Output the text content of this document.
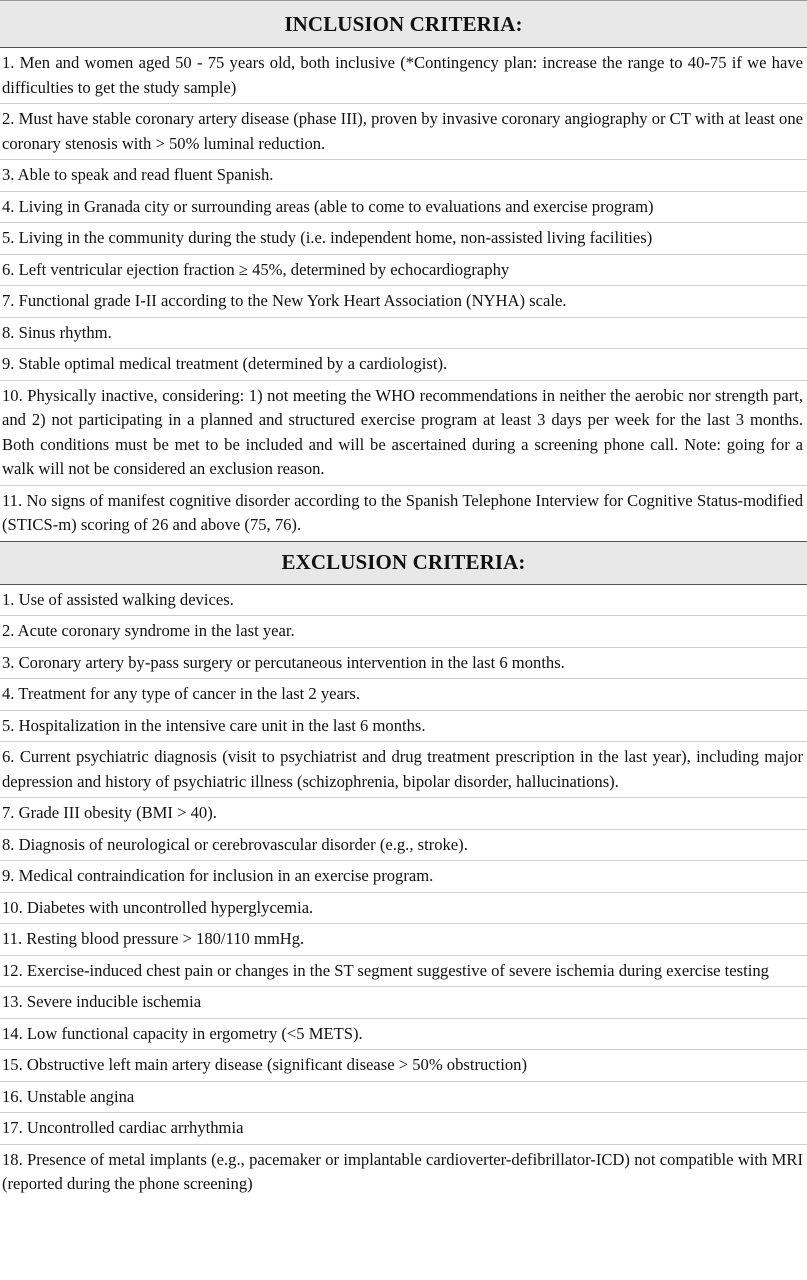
INCLUSION CRITERIA:
1. Men and women aged 50 - 75 years old, both inclusive (*Contingency plan: increase the range to 40-75 if we have difficulties to get the study sample)
2. Must have stable coronary artery disease (phase III), proven by invasive coronary angiography or CT with at least one coronary stenosis with > 50% luminal reduction.
3. Able to speak and read fluent Spanish.
4. Living in Granada city or surrounding areas (able to come to evaluations and exercise program)
5. Living in the community during the study (i.e. independent home, non-assisted living facilities)
6. Left ventricular ejection fraction ≥ 45%, determined by echocardiography
7. Functional grade I-II according to the New York Heart Association (NYHA) scale.
8. Sinus rhythm.
9. Stable optimal medical treatment (determined by a cardiologist).
10. Physically inactive, considering: 1) not meeting the WHO recommendations in neither the aerobic nor strength part, and 2) not participating in a planned and structured exercise program at least 3 days per week for the last 3 months. Both conditions must be met to be included and will be ascertained during a screening phone call. Note: going for a walk will not be considered an exclusion reason.
11. No signs of manifest cognitive disorder according to the Spanish Telephone Interview for Cognitive Status-modified (STICS-m) scoring of 26 and above (75, 76).
EXCLUSION CRITERIA:
1. Use of assisted walking devices.
2. Acute coronary syndrome in the last year.
3. Coronary artery by-pass surgery or percutaneous intervention in the last 6 months.
4. Treatment for any type of cancer in the last 2 years.
5. Hospitalization in the intensive care unit in the last 6 months.
6. Current psychiatric diagnosis (visit to psychiatrist and drug treatment prescription in the last year), including major depression and history of psychiatric illness (schizophrenia, bipolar disorder, hallucinations).
7. Grade III obesity (BMI > 40).
8. Diagnosis of neurological or cerebrovascular disorder (e.g., stroke).
9. Medical contraindication for inclusion in an exercise program.
10. Diabetes with uncontrolled hyperglycemia.
11. Resting blood pressure > 180/110 mmHg.
12. Exercise-induced chest pain or changes in the ST segment suggestive of severe ischemia during exercise testing
13. Severe inducible ischemia
14. Low functional capacity in ergometry (<5 METS).
15. Obstructive left main artery disease (significant disease > 50% obstruction)
16. Unstable angina
17. Uncontrolled cardiac arrhythmia
18. Presence of metal implants (e.g., pacemaker or implantable cardioverter-defibrillator-ICD) not compatible with MRI (reported during the phone screening)
